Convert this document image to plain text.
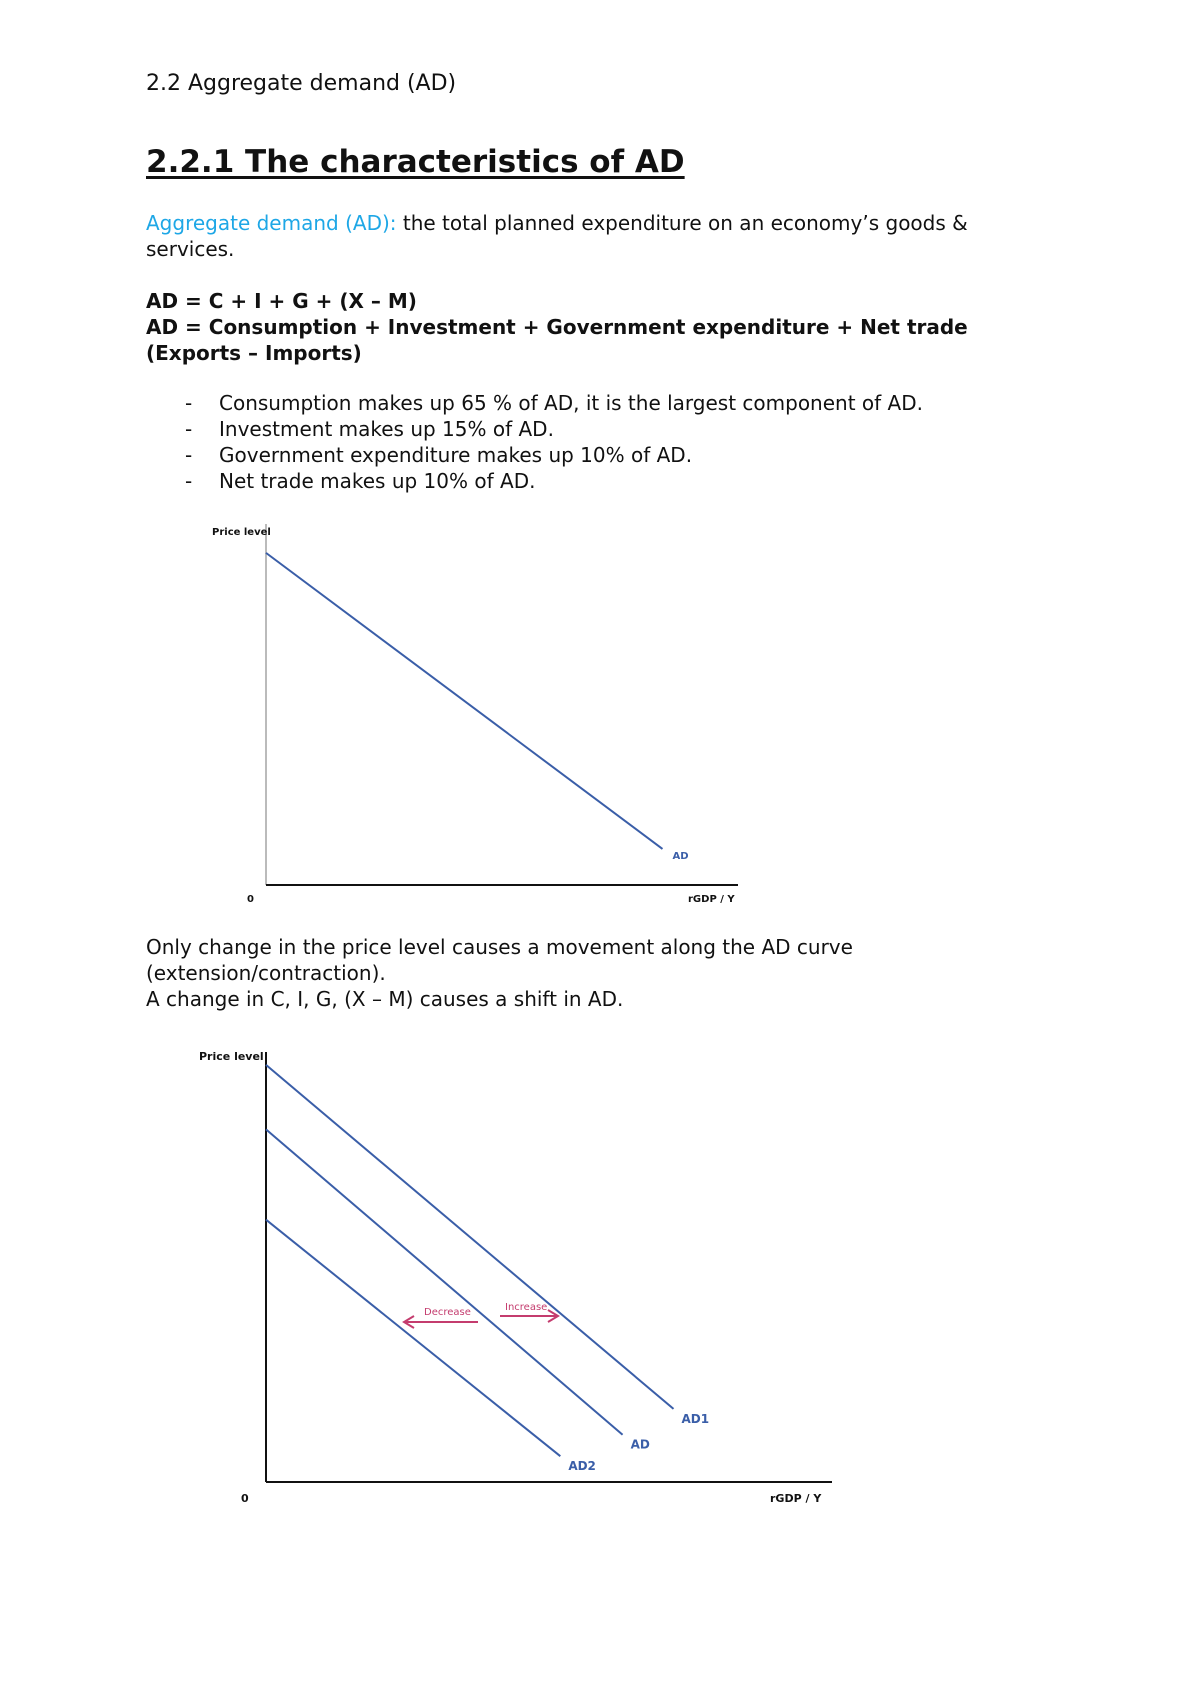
2.2 Aggregate demand (AD)
2.2.1 The characteristics of AD
Aggregate demand (AD): the total planned expenditure on an economy’s goods & services.
AD = C + I + G + (X – M)
AD = Consumption + Investment + Government expenditure + Net trade
(Exports – Imports)
- Consumption makes up 65 % of AD, it is the largest component of AD.
- Investment makes up 15% of AD.
- Government expenditure makes up 10% of AD.
- Net trade makes up 10% of AD.
Price level
0	rGDP / Y
AD

Only change in the price level causes a movement along the AD curve (extension/contraction).

A change in C, I, G, (X – M) causes a shift in AD.

Price level
0	rGDP / Y
Decrease	Increase
AD1
AD
AD2
